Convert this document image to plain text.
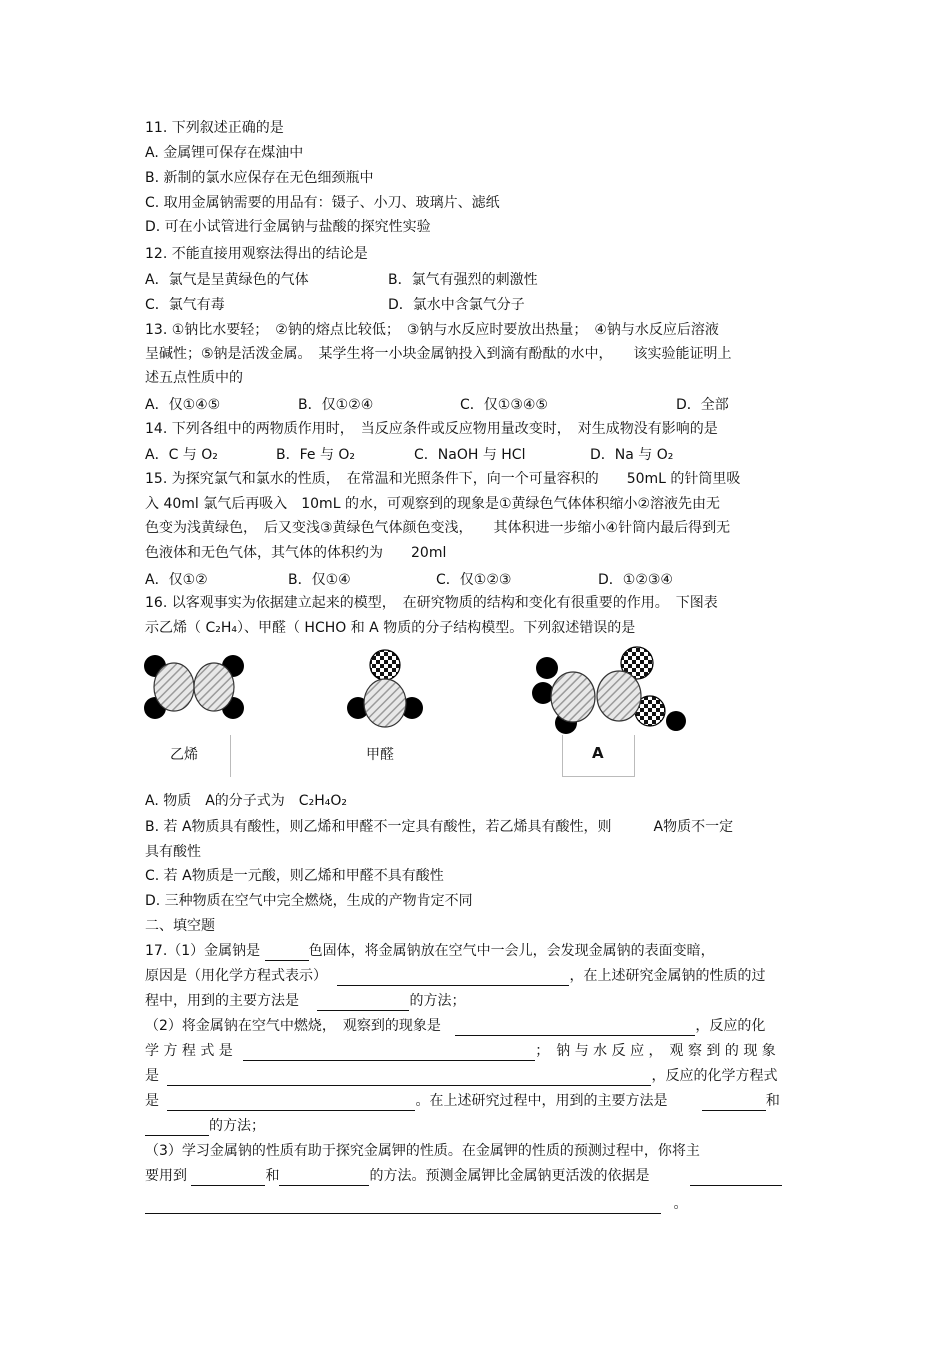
11. 下列叙述正确的是
A. 金属锂可保存在煤油中
B. 新制的氯水应保存在无色细颈瓶中
C. 取用金属钠需要的用品有：镊子、小刀、玻璃片、滤纸
D. 可在小试管进行金属钠与盐酸的探究性实验
12. 不能直接用观察法得出的结论是
A．氯气是呈黄绿色的气体	B．氯气有强烈的刺激性
C．氯气有毒	D．氯水中含氯气分子
13. ①钠比水要轻；　②钠的熔点比较低；　③钠与水反应时要放出热量；　④钠与水反应后溶液
呈碱性；⑤钠是活泼金属。　某学生将一小块金属钠投入到滴有酚酞的水中，　　该实验能证明上
述五点性质中的
A．仅①④⑤	B．仅①②④	C．仅①③④⑤	D．全部
14. 下列各组中的两物质作用时，　当反应条件或反应物用量改变时，　对生成物没有影响的是
A．C 与 O₂	B．Fe 与 O₂	C．NaOH 与 HCl	D．Na 与 O₂
15. 为探究氯气和氯水的性质，　在常温和光照条件下，向一个可量容积的　　50mL 的针筒里吸
入 40ml 氯气后再吸入　10mL 的水，可观察到的现象是①黄绿色气体体积缩小②溶液先由无
色变为浅黄绿色，　后又变浅③黄绿色气体颜色变浅，　　其体积进一步缩小④针筒内最后得到无
色液体和无色气体，其气体的体积约为　　20ml
A．仅①②	B．仅①④	C．仅①②③	D．①②③④
16. 以客观事实为依据建立起来的模型，　在研究物质的结构和变化有很重要的作用。　下图表
示乙烯（ C₂H₄）、甲醛（ HCHO 和 A 物质的分子结构模型。下列叙述错误的是
乙烯	甲醛	A
A. 物质　A的分子式为　C₂H₄O₂
B. 若 A物质具有酸性，则乙烯和甲醛不一定具有酸性，若乙烯具有酸性，则　　　A物质不一定
具有酸性
C. 若 A物质是一元酸，则乙烯和甲醛不具有酸性
D. 三种物质在空气中完全燃烧，生成的产物肯定不同
二、填空题
17.（1）金属钠是	色固体，将金属钠放在空气中一会儿，会发现金属钠的表面变暗，
原因是（用化学方程式表示）	，在上述研究金属钠的性质的过
程中，用到的主要方法是	的方法；
（2）将金属钠在空气中燃烧，　观察到的现象是	，反应的化
学 方 程 式 是	；　钠 与 水 反 应 ，　观 察 到 的 现 象
是	，反应的化学方程式
是	。在上述研究过程中，用到的主要方法是	和
的方法；
（3）学习金属钠的性质有助于探究金属钾的性质。在金属钾的性质的预测过程中，你将主
要用到	和	的方法。预测金属钾比金属钠更活泼的依据是
。
